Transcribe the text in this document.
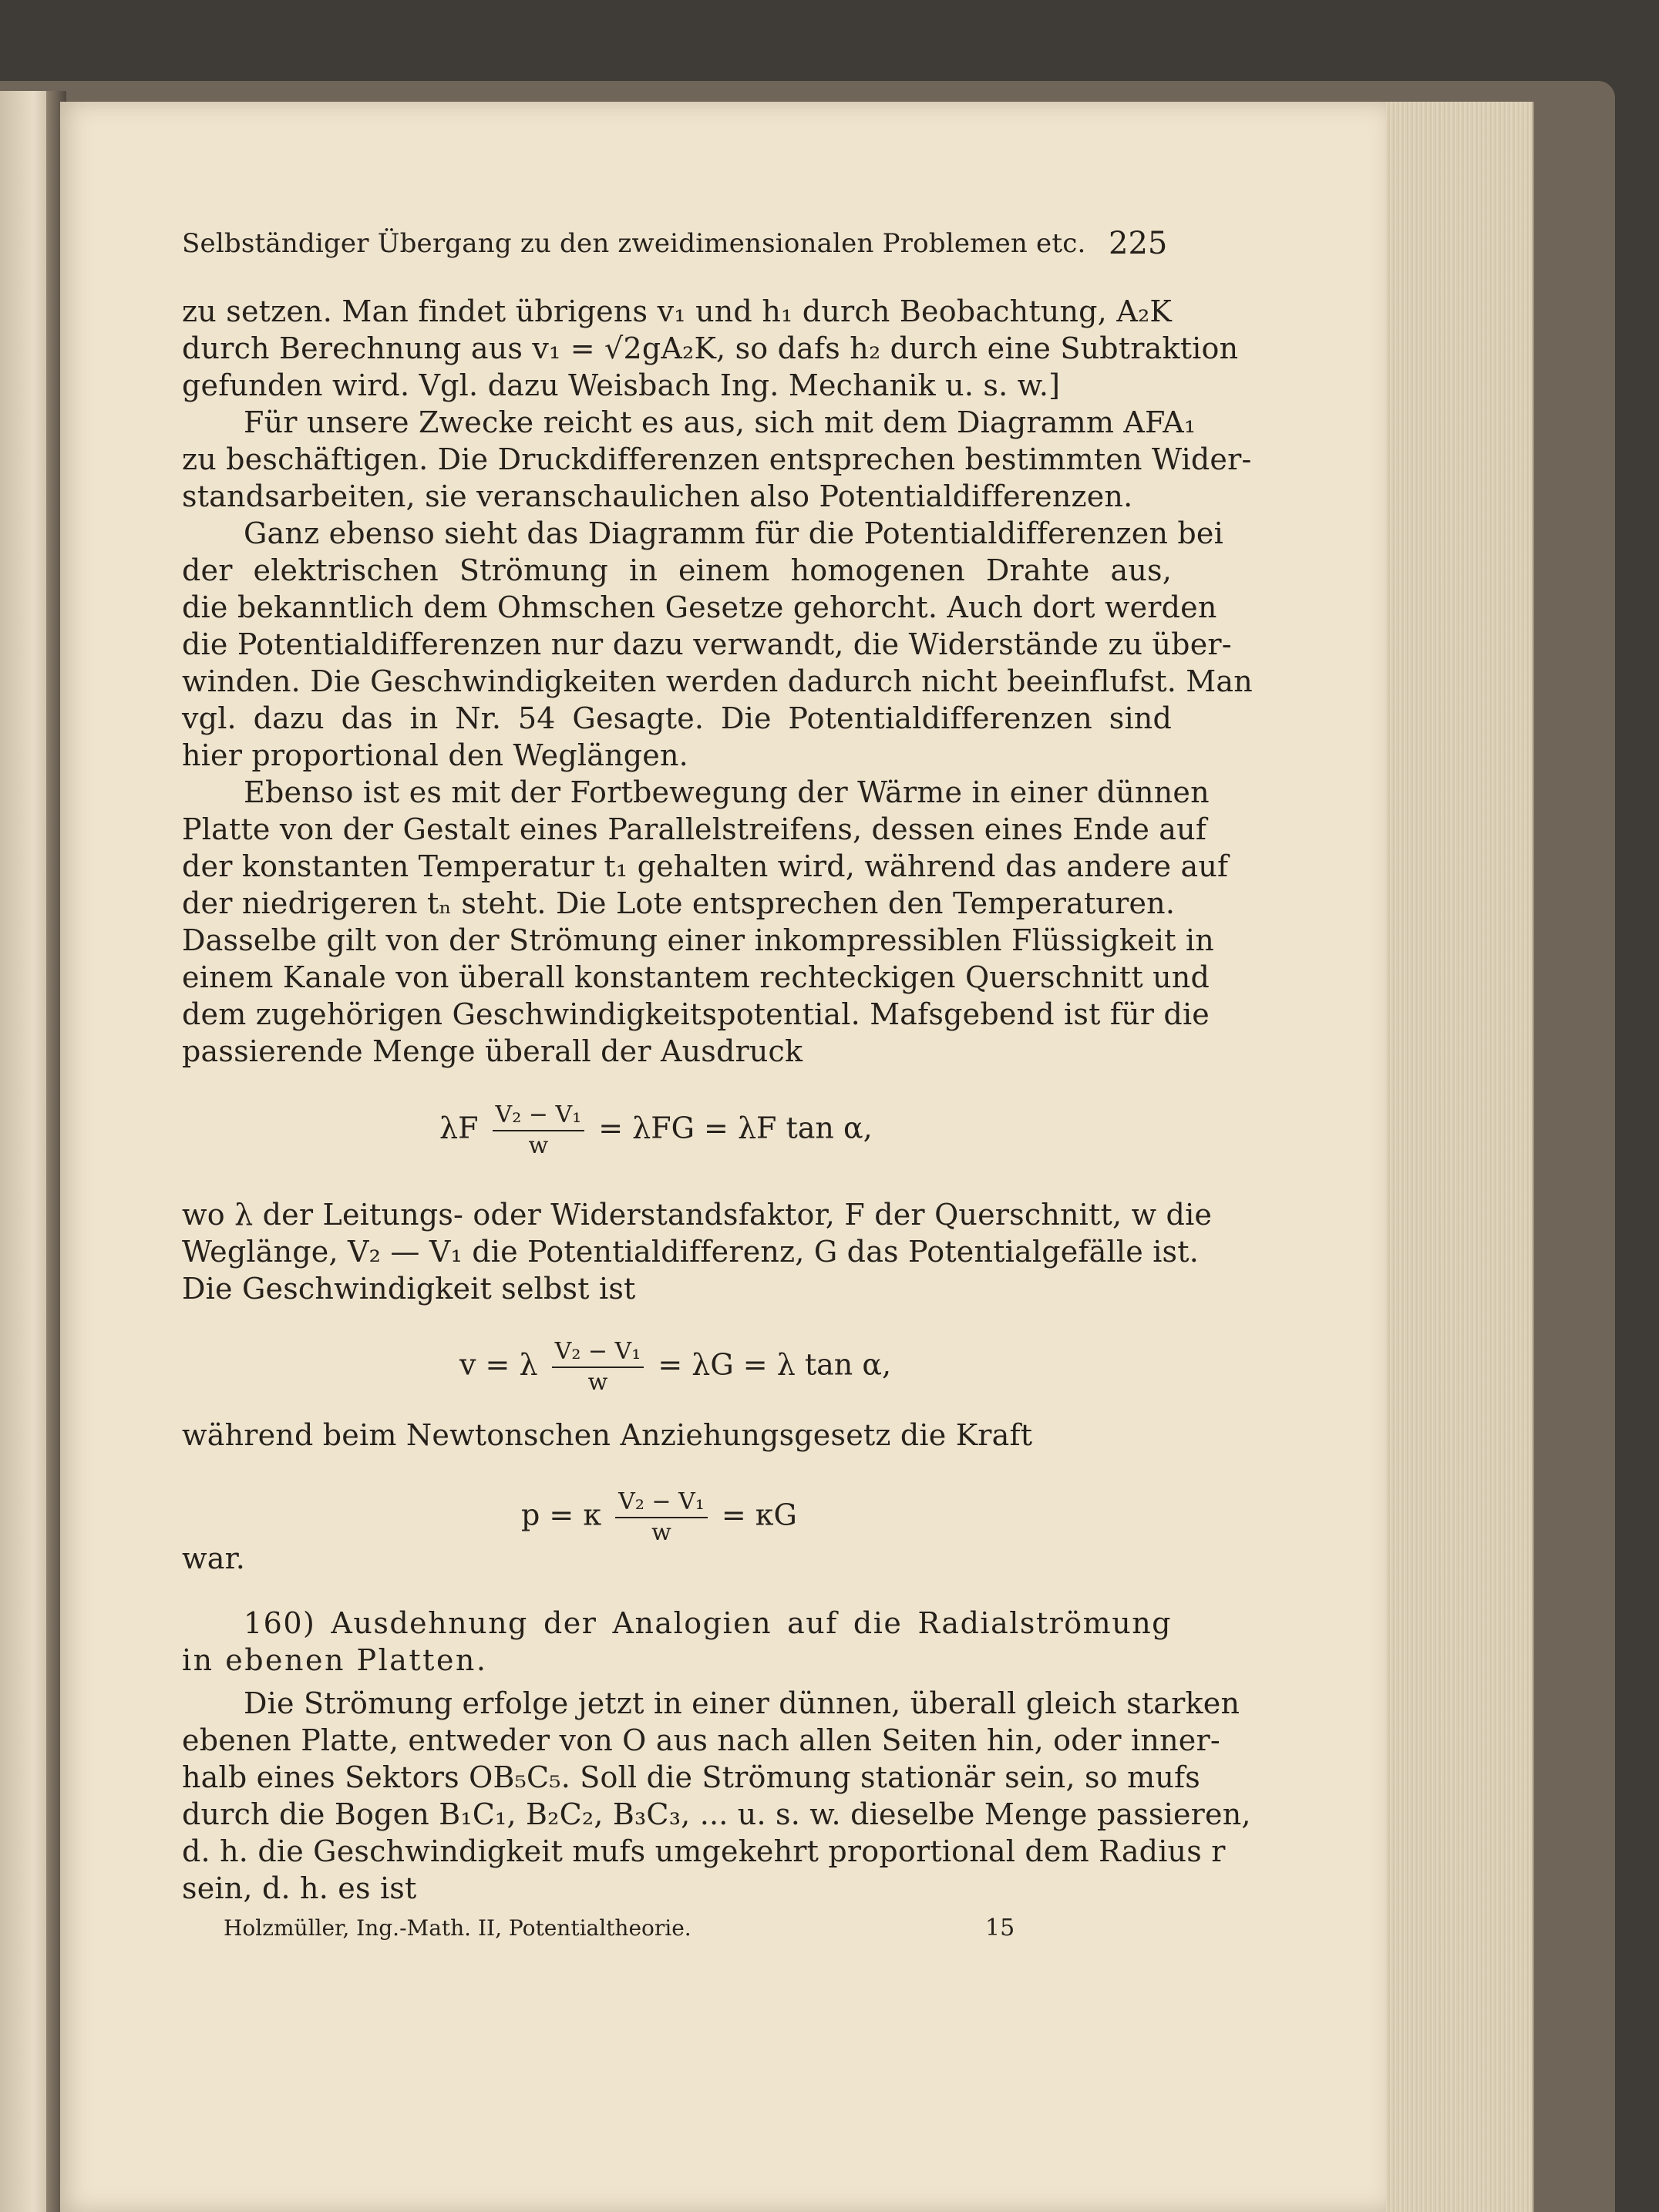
Selbständiger Übergang zu den zweidimensionalen Problemen etc. 225

zu setzen. Man findet übrigens v₁ und h₁ durch Beobachtung, A₂K

durch Berechnung aus v₁ = √2gA₂K, so dafs h₂ durch eine Subtraktion

gefunden wird. Vgl. dazu Weisbach Ing. Mechanik u. s. w.]

Für unsere Zwecke reicht es aus, sich mit dem Diagramm AFA₁

zu beschäftigen. Die Druckdifferenzen entsprechen bestimmten Wider-

standsarbeiten, sie veranschaulichen also Potentialdifferenzen.

Ganz ebenso sieht das Diagramm für die Potentialdifferenzen bei

der elektrischen Strömung in einem homogenen Drahte aus,

die bekanntlich dem Ohmschen Gesetze gehorcht. Auch dort werden

die Potentialdifferenzen nur dazu verwandt, die Widerstände zu über-

winden. Die Geschwindigkeiten werden dadurch nicht beeinflufst. Man

vgl. dazu das in Nr. 54 Gesagte. Die Potentialdifferenzen sind

hier proportional den Weglängen.

Ebenso ist es mit der Fortbewegung der Wärme in einer dünnen

Platte von der Gestalt eines Parallelstreifens, dessen eines Ende auf

der konstanten Temperatur t₁ gehalten wird, während das andere auf

der niedrigeren tₙ steht. Die Lote entsprechen den Temperaturen.

Dasselbe gilt von der Strömung einer inkompressiblen Flüssigkeit in

einem Kanale von überall konstantem rechteckigen Querschnitt und

dem zugehörigen Geschwindigkeitspotential. Mafsgebend ist für die

passierende Menge überall der Ausdruck

λF $\frac{\text{V₂ − V₁}}{w} = \lambda FG = \lambda F$ tan α,

wo λ der Leitungs- oder Widerstandsfaktor, F der Querschnitt, w die

Weglänge, V₂ — V₁ die Potentialdifferenz, G das Potentialgefälle ist.

Die Geschwindigkeit selbst ist

v = λ $\frac{\text{V₂ − V₁}}{w} = \lambda G = \lambda$ tan α,

während beim Newtonschen Anziehungsgesetz die Kraft

p = κ $\frac{\text{V₂ − V₁}}{w} = \kappa G$

war.

160) Ausdehnung der Analogien auf die Radialströmung

in ebenen Platten.

Die Strömung erfolge jetzt in einer dünnen, überall gleich starken

ebenen Platte, entweder von O aus nach allen Seiten hin, oder inner-

halb eines Sektors OB₅C₅. Soll die Strömung stationär sein, so mufs

durch die Bogen B₁C₁, B₂C₂, B₃C₃, ... u. s. w. dieselbe Menge passieren,

d. h. die Geschwindigkeit mufs umgekehrt proportional dem Radius r

sein, d. h. es ist

Holzmüller, Ing.-Math. II, Potentialtheorie.	15
